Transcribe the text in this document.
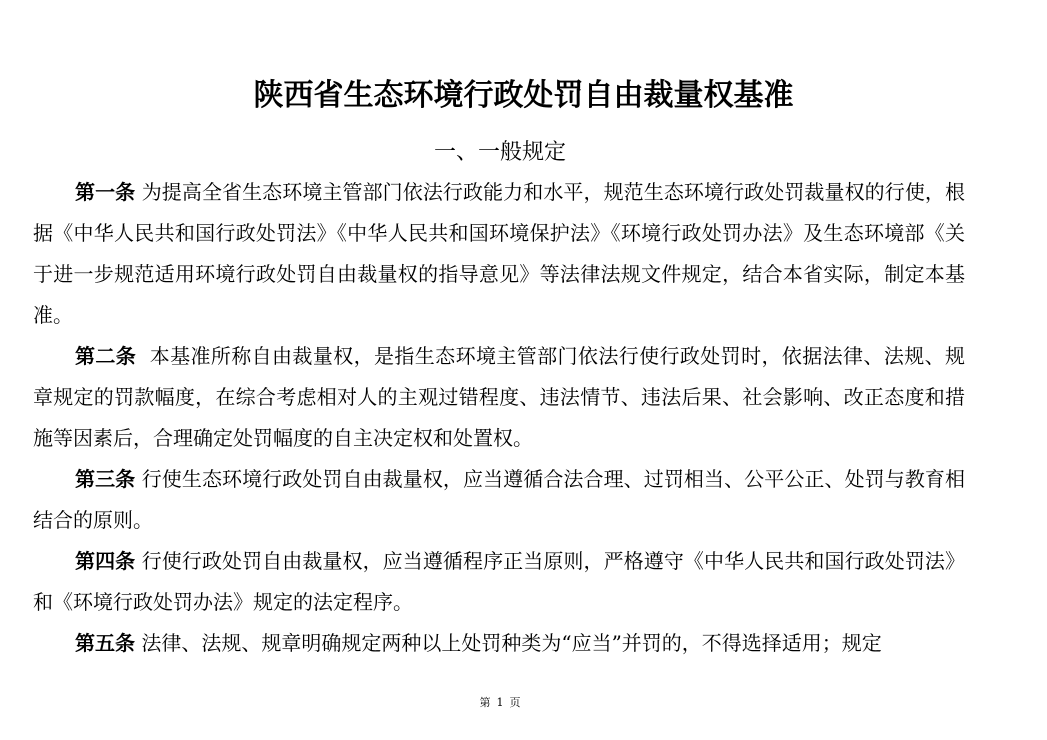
陕西省生态环境行政处罚自由裁量权基准
一、一般规定

第一条 为提高全省生态环境主管部门依法行政能力和水平，规范生态环境行政处罚裁量权的行使，根据《中华人民共和国行政处罚法》《中华人民共和国环境保护法》《环境行政处罚办法》及生态环境部《关于进一步规范适用环境行政处罚自由裁量权的指导意见》等法律法规文件规定，结合本省实际，制定本基准。

第二条  本基准所称自由裁量权，是指生态环境主管部门依法行使行政处罚时，依据法律、法规、规章规定的罚款幅度，在综合考虑相对人的主观过错程度、违法情节、违法后果、社会影响、改正态度和措施等因素后，合理确定处罚幅度的自主决定权和处置权。

第三条 行使生态环境行政处罚自由裁量权，应当遵循合法合理、过罚相当、公平公正、处罚与教育相结合的原则。

第四条 行使行政处罚自由裁量权，应当遵循程序正当原则，严格遵守《中华人民共和国行政处罚法》和《环境行政处罚办法》规定的法定程序。

第五条 法律、法规、规章明确规定两种以上处罚种类为“应当”并罚的，不得选择适用；规定

第 1 页
